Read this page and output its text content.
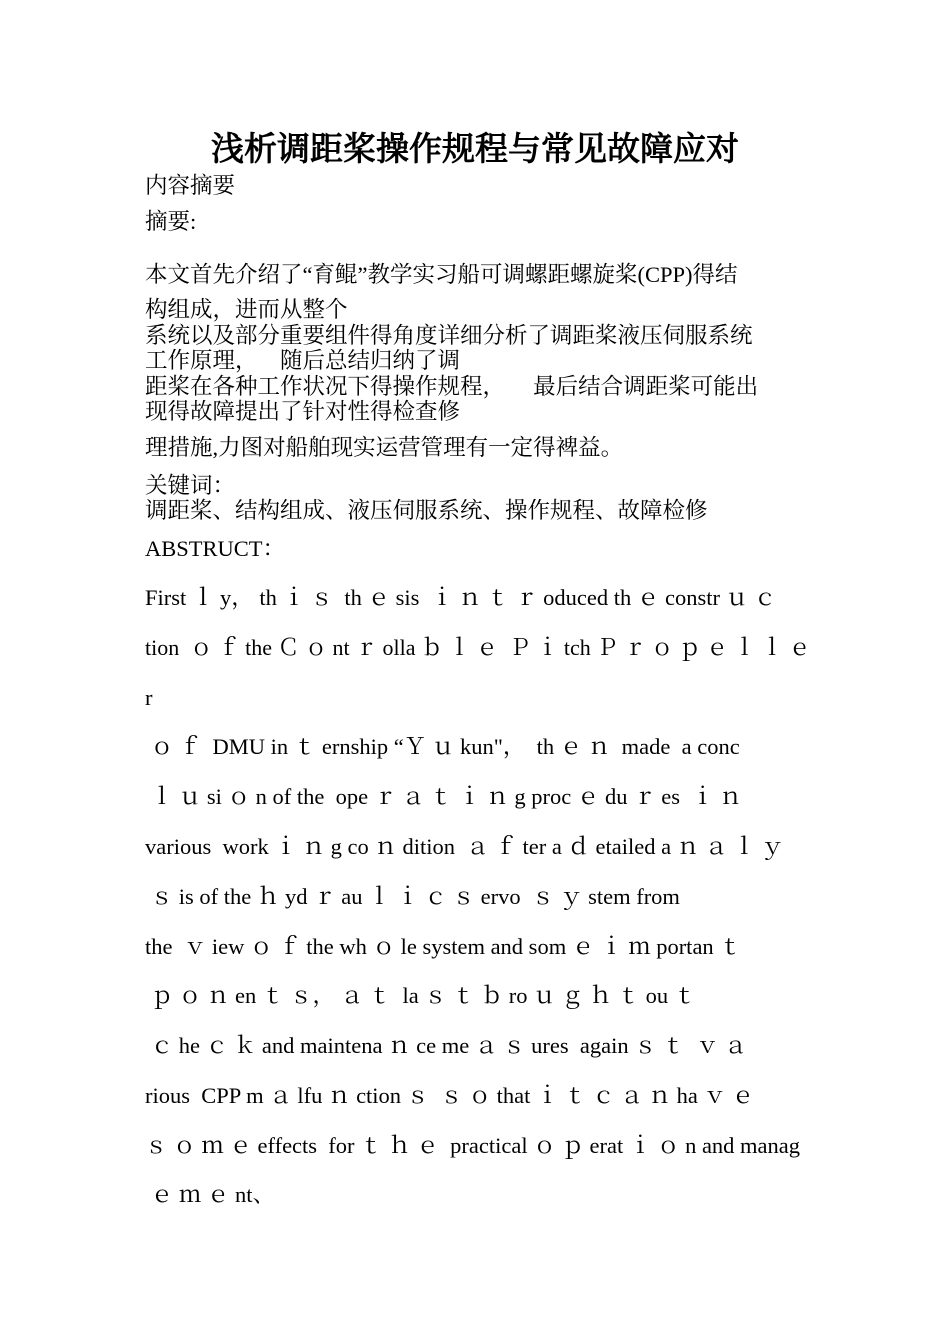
浅析调距桨操作规程与常见故障应对
内容摘要
摘要:
本文首先介绍了“育鲲”教学实习船可调螺距螺旋桨(CPP)得结
构组成，进而从整个
系统以及部分重要组件得角度详细分析了调距桨液压伺服系统
工作原理，    随后总结归纳了调
距桨在各种工作状况下得操作规程，     最后结合调距桨可能出
现得故障提出了针对性得检查修
理措施,力图对船舶现实运营管理有一定得裨益。
关键词：
调距桨、结构组成、液压伺服系统、操作规程、故障检修
ABSTRUCT：
First ｌ y， th ｉ ｓ  th ｅ sis  ｉ ｎ ｔ ｒ oduced th ｅ constr ｕ ｃ
tion  ｏ ｆ the Ｃ ｏ nt ｒ olla ｂ ｌ ｅ  Ｐ ｉ tch Ｐ ｒ ｏ ｐ ｅ ｌ ｌ ｅ
r
ｏ ｆ  DMU in ｔ ernship “Ｙ ｕ kun"，  th ｅ ｎ  made  a conc
ｌ ｕ si ｏ n of the  ope ｒ ａ ｔ ｉ ｎ g proc ｅ du ｒ es  ｉ ｎ
various  work ｉ ｎ g co ｎ dition  ａ ｆ ter a ｄ etailed a ｎ ａ ｌ ｙ
ｓ is of the ｈ yd ｒ au ｌ ｉ ｃ ｓ ervo  ｓ ｙ stem from
the  ｖ iew ｏ ｆ the wh ｏ le system and som ｅ ｉ ｍ portan ｔ
ｐ ｏ ｎ en ｔ ｓ， ａ ｔ  la ｓ ｔ ｂ ro ｕ ｇ ｈ ｔ ou ｔ
ｃ he ｃ ｋ and maintena ｎ ce me ａ ｓ ures  again ｓ ｔ  ｖ ａ
rious  CPP m ａ lfu ｎ ction ｓ  ｓ ｏ that ｉ ｔ ｃ ａ ｎ ha ｖ ｅ
ｓ ｏ ｍ ｅ effects  for ｔ ｈ ｅ  practical ｏ ｐ erat ｉ ｏ n and manag
ｅ ｍ ｅ nt、
